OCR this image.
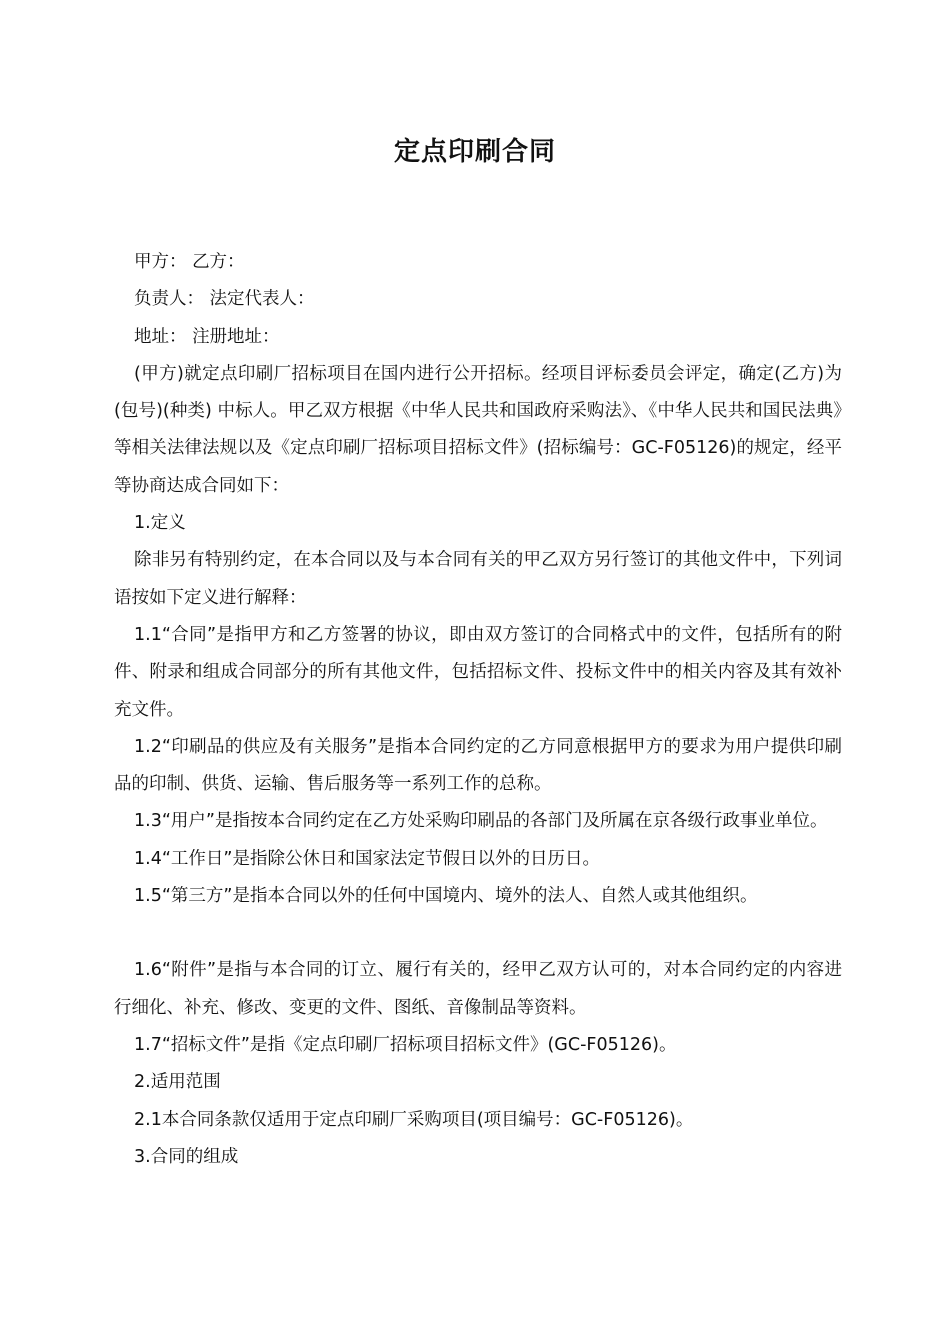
定点印刷合同

甲方： 乙方：

负责人： 法定代表人：

地址： 注册地址：

(甲方)就定点印刷厂招标项目在国内进行公开招标。经项目评标委员会评定，确定(乙方)为 (包号)(种类) 中标人。甲乙双方根据《中华人民共和国政府采购法》、《中华人民共和国民法典》等相关法律法规以及《定点印刷厂招标项目招标文件》(招标编号：GC-F05126)的规定，经平等协商达成合同如下：

1.定义

除非另有特别约定，在本合同以及与本合同有关的甲乙双方另行签订的其他文件中，下列词语按如下定义进行解释：

1.1“合同”是指甲方和乙方签署的协议，即由双方签订的合同格式中的文件，包括所有的附件、附录和组成合同部分的所有其他文件，包括招标文件、投标文件中的相关内容及其有效补充文件。

1.2“印刷品的供应及有关服务”是指本合同约定的乙方同意根据甲方的要求为用户提供印刷品的印制、供货、运输、售后服务等一系列工作的总称。

1.3“用户”是指按本合同约定在乙方处采购印刷品的各部门及所属在京各级行政事业单位。

1.4“工作日”是指除公休日和国家法定节假日以外的日历日。

1.5“第三方”是指本合同以外的任何中国境内、境外的法人、自然人或其他组织。

1.6“附件”是指与本合同的订立、履行有关的，经甲乙双方认可的，对本合同约定的内容进行细化、补充、修改、变更的文件、图纸、音像制品等资料。

1.7“招标文件”是指《定点印刷厂招标项目招标文件》(GC-F05126)。

2.适用范围

2.1本合同条款仅适用于定点印刷厂采购项目(项目编号：GC-F05126)。

3.合同的组成
